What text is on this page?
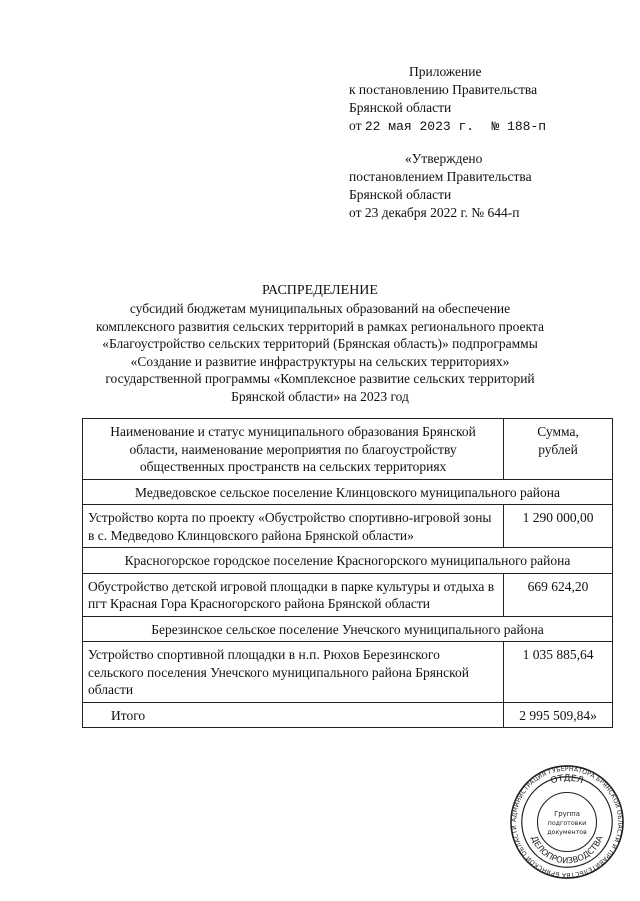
Приложение
к постановлению Правительства
Брянской области
от 22 мая 2023 г. № 188-п
«Утверждено
постановлением Правительства
Брянской области
от 23 декабря 2022 г. № 644-п
РАСПРЕДЕЛЕНИЕ
субсидий бюджетам муниципальных образований на обеспечение
комплексного развития сельских территорий в рамках регионального проекта
«Благоустройство сельских территорий (Брянская область)» подпрограммы
«Создание и развитие инфраструктуры на сельских территориях»
государственной программы «Комплексное развитие сельских территорий
Брянской области» на 2023 год
Наименование и статус муниципального образования Брянской области, наименование мероприятия по благоустройству общественных пространств на сельских территориях	Сумма,
рублей

Медведовское сельское поселение Клинцовского муниципального района	
Устройство корта по проекту «Обустройство спортивно-игровой зоны в с. Медведово Клинцовского района Брянской области»	1 290 000,00
Красногорское городское поселение Красногорского муниципального района	
Обустройство детской игровой площадки в парке культуры и отдыха в пгт Красная Гора Красногорского района Брянской области	669 624,20
Березинское сельское поселение Унечского муниципального района	
Устройство спортивной площадки в н.п. Рюхов Березинского сельского поселения Унечского муниципального района Брянской области	1 035 885,64
Итого	2 995 509,84»
АДМИНИСТРАЦИЯ ГУБЕРНАТОРА БРЯНСКОЙ ОБЛАСТИ И ПРАВИТЕЛЬСТВА БРЯНСКОЙ ОБЛАСТИ
ОТДЕЛ
ДЕЛОПРОИЗВОДСТВА
Группа
подготовки
документов
